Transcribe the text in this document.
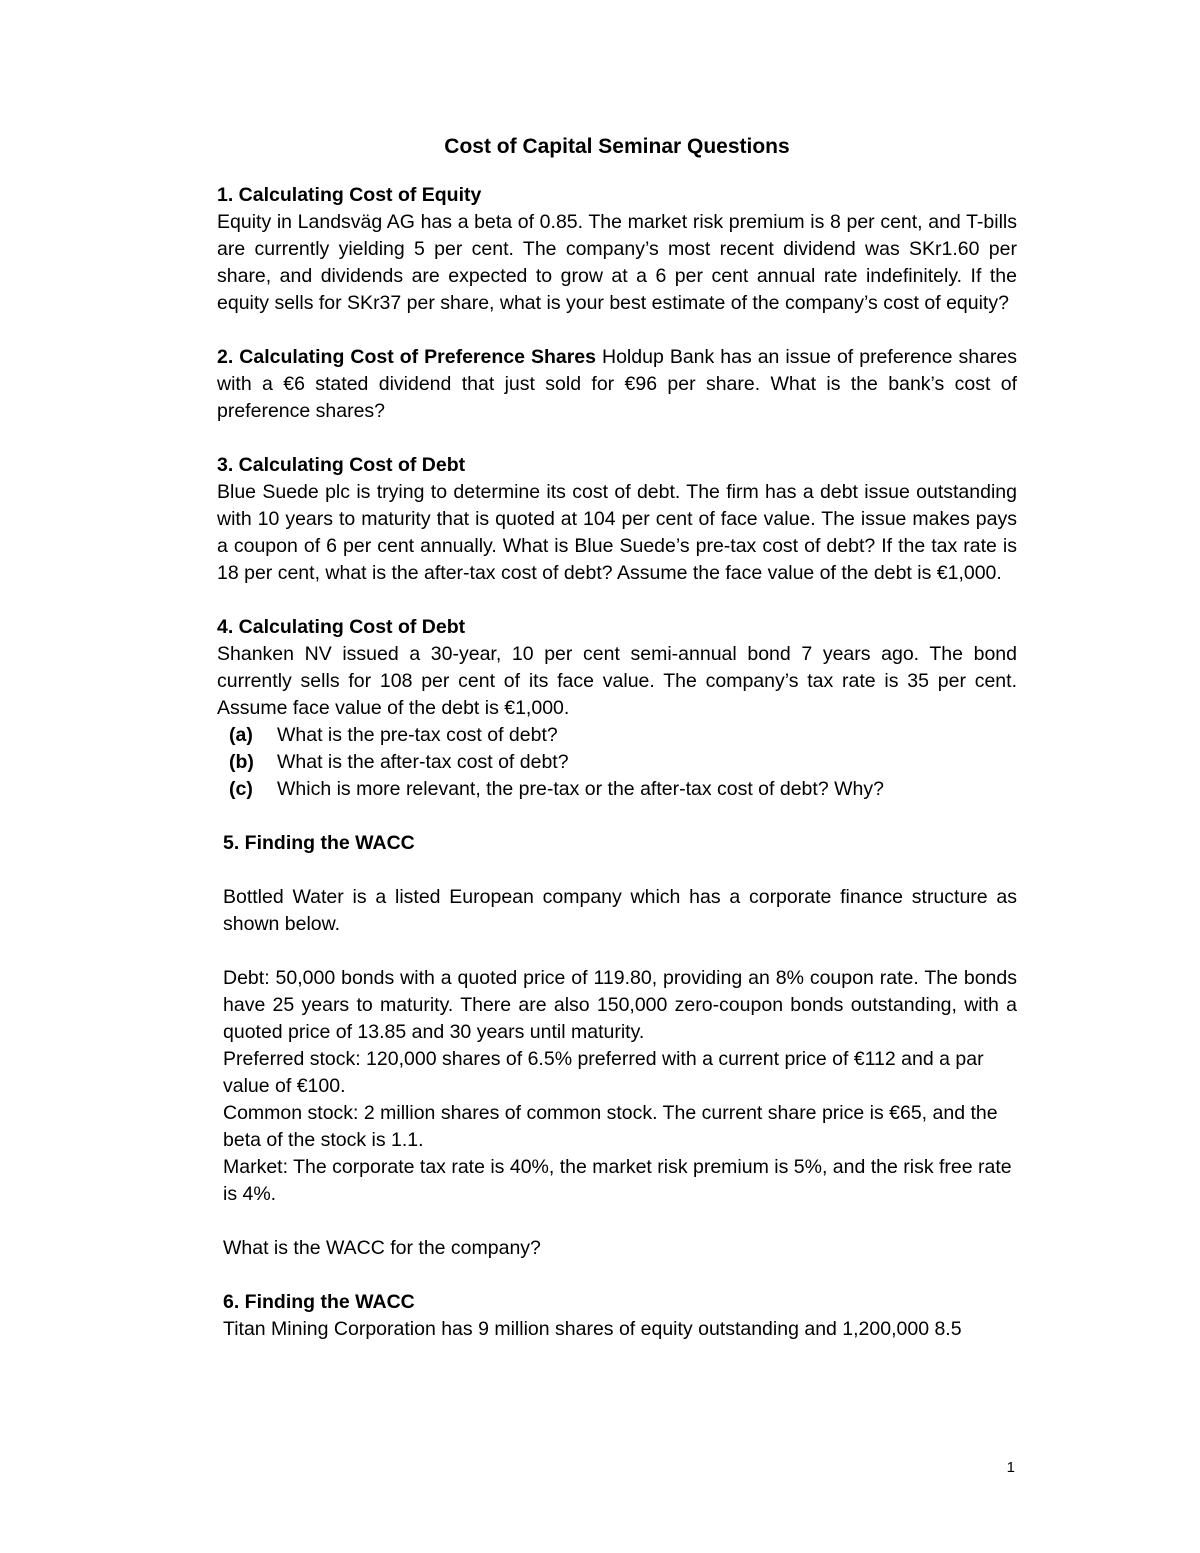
Cost of Capital Seminar Questions
1. Calculating Cost of Equity

Equity in Landsväg AG has a beta of 0.85. The market risk premium is 8 per cent, and T-bills are currently yielding 5 per cent. The company’s most recent dividend was SKr1.60 per share, and dividends are expected to grow at a 6 per cent annual rate indefinitely. If the equity sells for SKr37 per share, what is your best estimate of the company’s cost of equity?

2. Calculating Cost of Preference Shares Holdup Bank has an issue of preference shares with a €6 stated dividend that just sold for €96 per share. What is the bank’s cost of preference shares?
3. Calculating Cost of Debt

Blue Suede plc is trying to determine its cost of debt. The firm has a debt issue outstanding with 10 years to maturity that is quoted at 104 per cent of face value. The issue makes pays a coupon of 6 per cent annually. What is Blue Suede’s pre-tax cost of debt? If the tax rate is 18 per cent, what is the after-tax cost of debt? Assume the face value of the debt is €1,000.

4. Calculating Cost of Debt

Shanken NV issued a 30-year, 10 per cent semi-annual bond 7 years ago. The bond currently sells for 108 per cent of its face value. The company’s tax rate is 35 per cent. Assume face value of the debt is €1,000.

(a)	What is the pre-tax cost of debt?
(b)	What is the after-tax cost of debt?
(c)	Which is more relevant, the pre-tax or the after-tax cost of debt? Why?
5. Finding the WACC

Bottled Water is a listed European company which has a corporate finance structure as shown below.

Debt: 50,000 bonds with a quoted price of 119.80, providing an 8% coupon rate. The bonds have 25 years to maturity. There are also 150,000 zero-coupon bonds outstanding, with a quoted price of 13.85 and 30 years until maturity.

Preferred stock: 120,000 shares of 6.5% preferred with a current price of €112 and a par value of €100.

Common stock: 2 million shares of common stock. The current share price is €65, and the beta of the stock is 1.1.

Market: The corporate tax rate is 40%, the market risk premium is 5%, and the risk free rate is 4%.

What is the WACC for the company?

6. Finding the WACC

Titan Mining Corporation has 9 million shares of equity outstanding and 1,200,000 8.5

1
